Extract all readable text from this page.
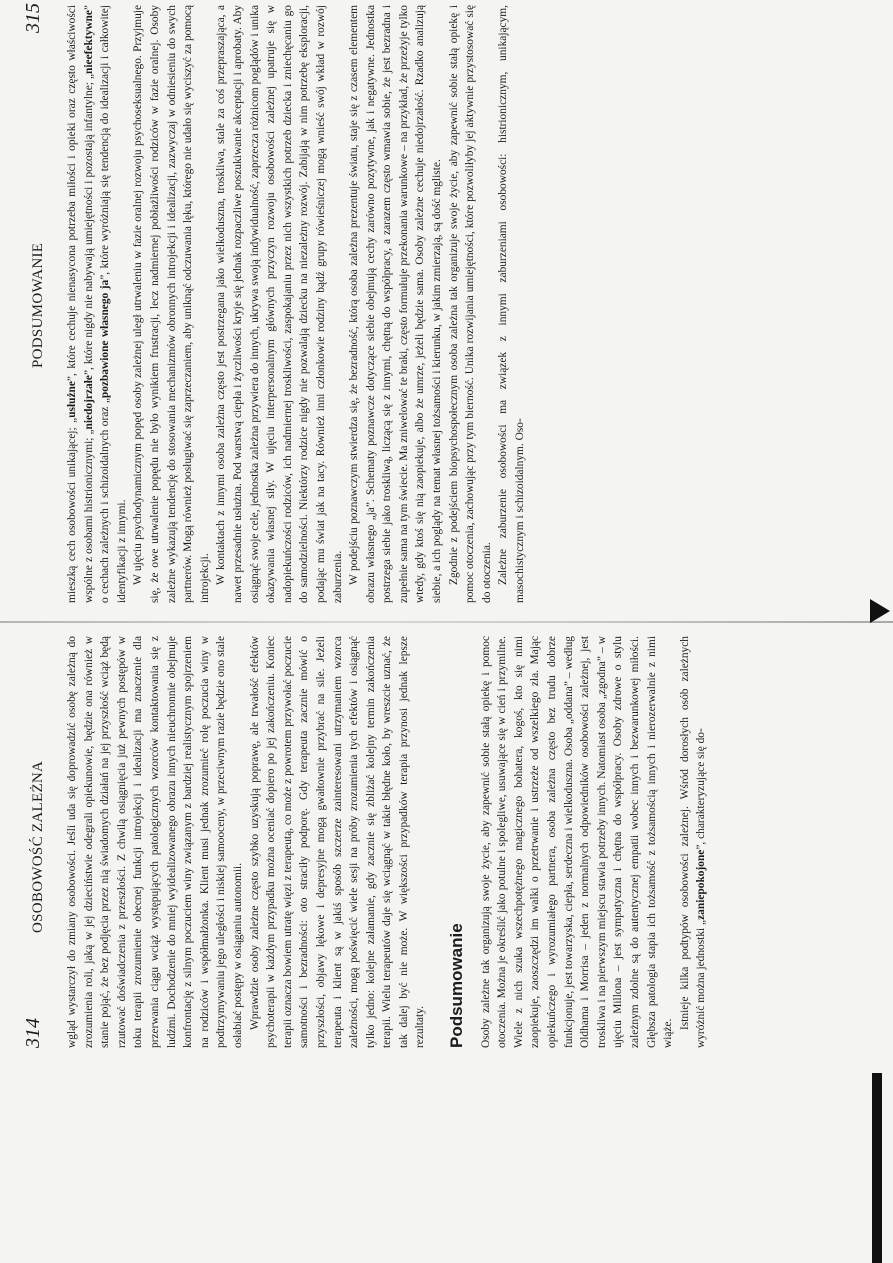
314
OSOBOWOŚĆ ZALEŻNA wgląd wystarczył do zmiany osobowości. Jeśli uda się doprowadzić osobę zależną do zrozumienia roli, jaką w jej dzieciństwie odegrali opiekunowie, będzie ona również w stanie pojąć, że bez podjęcia przez nią świadomych działań na jej przyszłość wciąż będą rzutować doświadczenia z przeszłości. Z chwilą osiągnięcia już pewnych postępów w toku terapii zrozumienie obecnej funkcji introjekcji i idealizacji ma znaczenie dla przerwania ciągu wciąż występujących patologicznych wzorców kontaktowania się z ludźmi. Dochodzenie do mniej wyidealizowanego obrazu innych nieuchronnie obejmuje konfrontację z silnym poczuciem winy związanym z bardziej realistycznym spojrzeniem na rodziców i współmałżonka. Klient musi jednak zrozumieć rolę poczucia winy w podtrzymywaniu jego uległości i niskiej samooceny, w przeciwnym razie będzie ono stale osłabiać postępy w osiąganiu autonomii. Wprawdzie osoby zależne często szybko uzyskują poprawę, ale trwałość efektów psychoterapii w każdym przypadku można oceniać dopiero po jej zakończeniu. Koniec terapii oznacza bowiem utratę więzi z terapeutą, co może z powrotem przywołać poczucie samotności i bezradności: oto straciły podporę. Gdy terapeuta zacznie mówić o przyszłości, objawy lękowe i depresyjne mogą gwałtownie przybrać na sile. Jeżeli terapeuta i klient są w jakiś sposób szczerze zainteresowani utrzymaniem wzorca zależności, mogą poświęcić wiele sesji na próby zrozumienia tych efektów i osiągnąć tylko jedno: kolejne załamanie, gdy zacznie się zbliżać kolejny termin zakończenia terapii. Wielu terapeutów daje się wciągnąć w takie błędne koło, by wreszcie uznać, że tak dalej być nie może. W większości przypadków terapia przynosi jednak lepsze rezultaty. Podsumowanie Osoby zależne tak organizują swoje życie, aby zapewnić sobie stałą opiekę i pomoc otoczenia. Można je określić jako potulne i spolegliwe, usuwające się w cień i przymilne. Wiele z nich szuka wszechpotężnego magicznego bohatera, kogoś, kto się nimi zaopiekuje, zaoszczędzi im walki o przetrwanie i ustrzeże od wszelkiego zła. Mając opiekuńczego i wyrozumiałego partnera, osoba zależna często bez trudu dobrze funkcjonuje, jest towarzyska, ciepła, serdeczna i wielkoduszna. Osoba „oddana” – według Oldhama i Morrisa – jeden z normalnych odpowiedników osobowości zależnej, jest troskliwa i na pierwszym miejscu stawia potrzeby innych. Natomiast osoba „zgodna” – w ujęciu Millona – jest sympatyczna i chętna do współpracy. Osoby zdrowe o stylu zależnym zdolne są do autentycznej empatii wobec innych i bezwarunkowej miłości. Głębsza patologia stapia ich tożsamość z tożsamością innych i nierozerwalnie z nimi wiąże.

Istnieje kilka podtypów osobowości zależnej. Wśród dorosłych osób zależnych wyróżnić można jednostki „zaniepokojone”, charakteryzujące się do-

PODSUMOWANIE
315

mieszką cech osobowości unikającej; „usłużne”, które cechuje nienasycona potrzeba miłości i opieki oraz często właściwości wspólne z osobami histrionicznymi; „niedojrzałe”, które nigdy nie nabywają umiejętności i pozostają infantylne; „nieefektywne” o cechach zależnych i schizoidalnych oraz „pozbawione własnego ja”, które wyróżniają się tendencją do idealizacji i całkowitej identyfikacji z innymi. W ujęciu psychodynamicznym popęd osoby zależnej uległ utrwaleniu w fazie oralnej rozwoju psychoseksualnego. Przyjmuje się, że owe utrwalenie popędu nie było wynikiem frustracji, lecz nadmiernej pobłażliwości rodziców w fazie oralnej. Osoby zależne wykazują tendencję do stosowania mechanizmów obronnych introjekcji i idealizacji, zazwyczaj w odniesieniu do swych partnerów. Mogą również posługiwać się zaprzeczaniem, aby uniknąć odczuwania lęku, którego nie udało się wyciszyć za pomocą introjekcji. W kontaktach z innymi osoba zależna często jest postrzegana jako wielkoduszna, troskliwa, stale za coś przepraszająca, a nawet przesadnie usłużna. Pod warstwą ciepła i życzliwości kryje się jednak rozpaczliwe poszukiwanie akceptacji i aprobaty. Aby osiągnąć swoje cele, jednostka zależna przywiera do innych, ukrywa swoją indywidualność, zaprzecza różnicom poglądów i unika okazywania własnej siły. W ujęciu interpersonalnym głównych przyczyn rozwoju osobowości zależnej upatruje się w nadopiekuńczości rodziców, ich nadmiernej troskliwości, zaspokajaniu przez nich wszystkich potrzeb dziecka i zniechęcaniu go do samodzielności. Niektórzy rodzice nigdy nie pozwalają dziecku na niezależny rozwój. Zabijają w nim potrzebę eksploracji, podając mu świat jak na tacy. Również inni członkowie rodziny bądź grupy rówieśniczej mogą wnieść swój wkład w rozwój zaburzenia. W podejściu poznawczym stwierdza się, że bezradność, którą osoba zależna prezentuje światu, staje się z czasem elementem obrazu własnego „ja”. Schematy poznawcze dotyczące siebie obejmują cechy zarówno pozytywne, jak i negatywne. Jednostka postrzega siebie jako troskliwą, liczącą się z innymi, chętną do współpracy, a zarazem często wmawia sobie, że jest bezradna i zupełnie sama na tym świecie. Ma zniwelować te braki, często formułuje przekonania warunkowe – na przykład, że przeżyje tylko wtedy, gdy ktoś się nią zaopiekuje, albo że umrze, jeżeli będzie sama. Osoby zależne cechuje niedojrzałość. Rzadko analizują siebie, a ich poglądy na temat własnej tożsamości i kierunku, w jakim zmierzają, są dość mgliste. Zgodnie z podejściem biopsychospołecznym osoba zależna tak organizuje swoje życie, aby zapewnić sobie stałą opiekę i pomoc otoczenia, zachowując przy tym bierność. Unika rozwijania umiejętności, które pozwoliłyby jej aktywnie przystosować się do otoczenia. Zależne zaburzenie osobowości ma związek z innymi zaburzeniami osobowości: histrionicznym, unikającym, masochistycznym i schizoidalnym. Oso-
